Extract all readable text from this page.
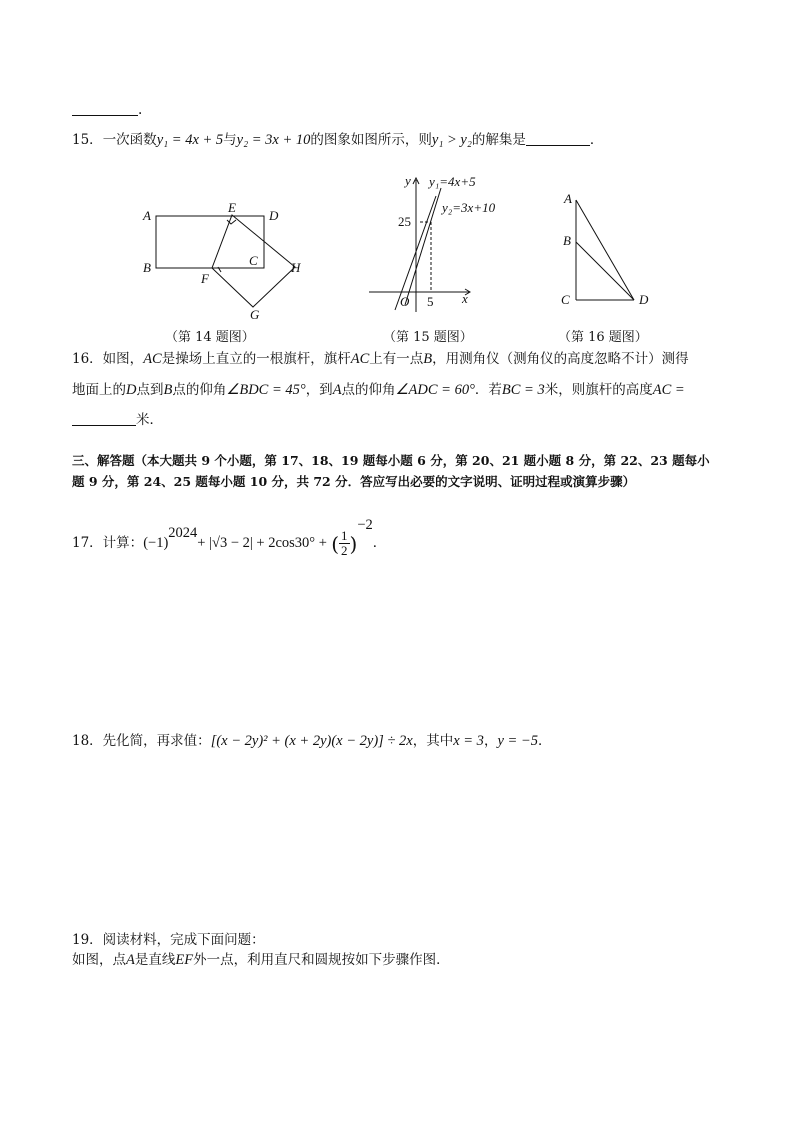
.
15．一次函数y₁ = 4x + 5与y₂ = 3x + 10的图象如图所示，则y₁ > y₂的解集是	．
A
E
D
B	C
F
H
G
（第 14 题图）
y
x
O
25
5
y₁=4x+5
y₂=3x+10
（第 15 题图）
A
B
C	D
（第 16 题图）
16．如图，AC是操场上直立的一根旗杆，旗杆AC上有一点B，用测角仪（测角仪的高度忽略不计）测得
地面上的D点到B点的仰角∠BDC = 45°，到A点的仰角∠ADC = 60°．若BC = 3米，则旗杆的高度AC =
米．
三、解答题（本大题共 9 个小题，第 17、18、19 题每小题 6 分，第 20、21 题小题 8 分，第 22、23 题每小
题 9 分，第 24、25 题每小题 10 分，共 72 分．答应写出必要的文字说明、证明过程或演算步骤）
17．计算：$(-1)^{2024}+ |√3 - 2| + 2\cos 30^\circ$ + ( $\frac{1}{2} )^{-2}$．
18．先化简，再求值：[(x − 2y)² + (x + 2y)(x − 2y)] ÷ 2x，其中x = 3，y = −5．
19．阅读材料，完成下面问题：
如图，点A是直线EF外一点，利用直尺和圆规按如下步骤作图．
